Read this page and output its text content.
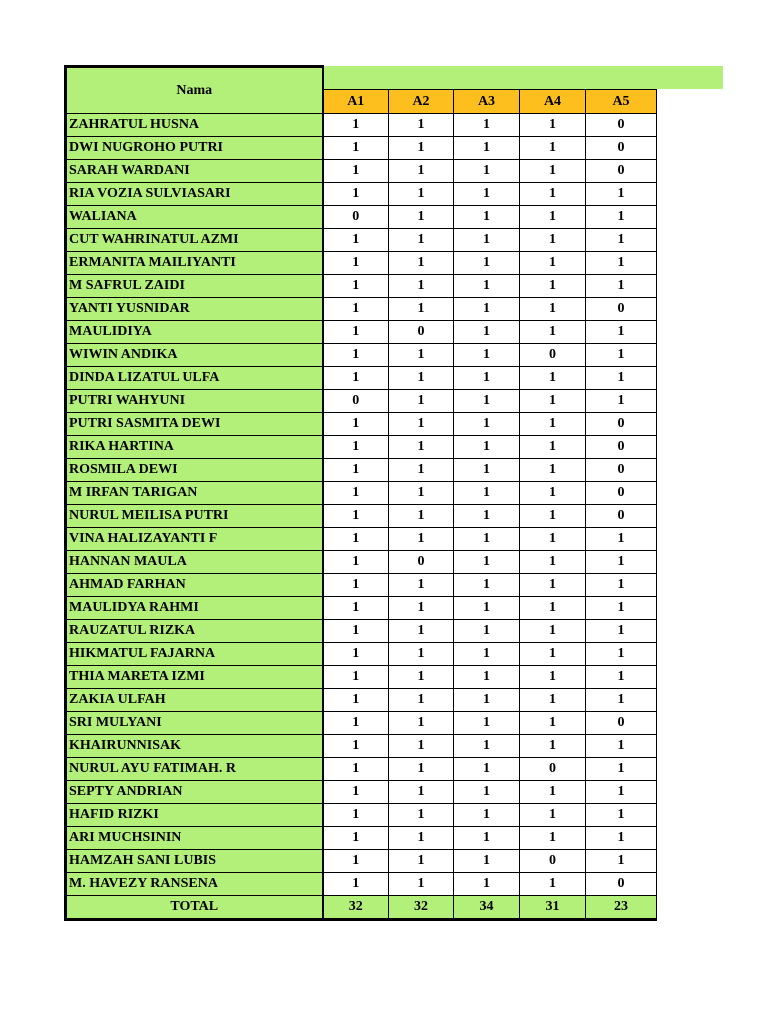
Nama					
	A1	A2	A3	A4	A5
ZAHRATUL HUSNA	1	1	1	1	0
DWI NUGROHO PUTRI	1	1	1	1	0
SARAH WARDANI	1	1	1	1	0
RIA VOZIA SULVIASARI	1	1	1	1	1
WALIANA	0	1	1	1	1
CUT WAHRINATUL AZMI	1	1	1	1	1
ERMANITA MAILIYANTI	1	1	1	1	1
M SAFRUL ZAIDI	1	1	1	1	1
YANTI YUSNIDAR	1	1	1	1	0
MAULIDIYA	1	0	1	1	1
WIWIN ANDIKA	1	1	1	0	1
DINDA LIZATUL ULFA	1	1	1	1	1
PUTRI WAHYUNI	0	1	1	1	1
PUTRI SASMITA DEWI	1	1	1	1	0
RIKA HARTINA	1	1	1	1	0
ROSMILA DEWI	1	1	1	1	0
M IRFAN TARIGAN	1	1	1	1	0
NURUL MEILISA PUTRI	1	1	1	1	0
VINA HALIZAYANTI F	1	1	1	1	1
HANNAN MAULA	1	0	1	1	1
AHMAD FARHAN	1	1	1	1	1
MAULIDYA RAHMI	1	1	1	1	1
RAUZATUL RIZKA	1	1	1	1	1
HIKMATUL FAJARNA	1	1	1	1	1
THIA MARETA IZMI	1	1	1	1	1
ZAKIA ULFAH	1	1	1	1	1
SRI MULYANI	1	1	1	1	0
KHAIRUNNISAK	1	1	1	1	1
NURUL AYU FATIMAH. R	1	1	1	0	1
SEPTY ANDRIAN	1	1	1	1	1
HAFID RIZKI	1	1	1	1	1
ARI MUCHSININ	1	1	1	1	1
HAMZAH SANI LUBIS	1	1	1	0	1
M. HAVEZY RANSENA	1	1	1	1	0
TOTAL	32	32	34	31	23
